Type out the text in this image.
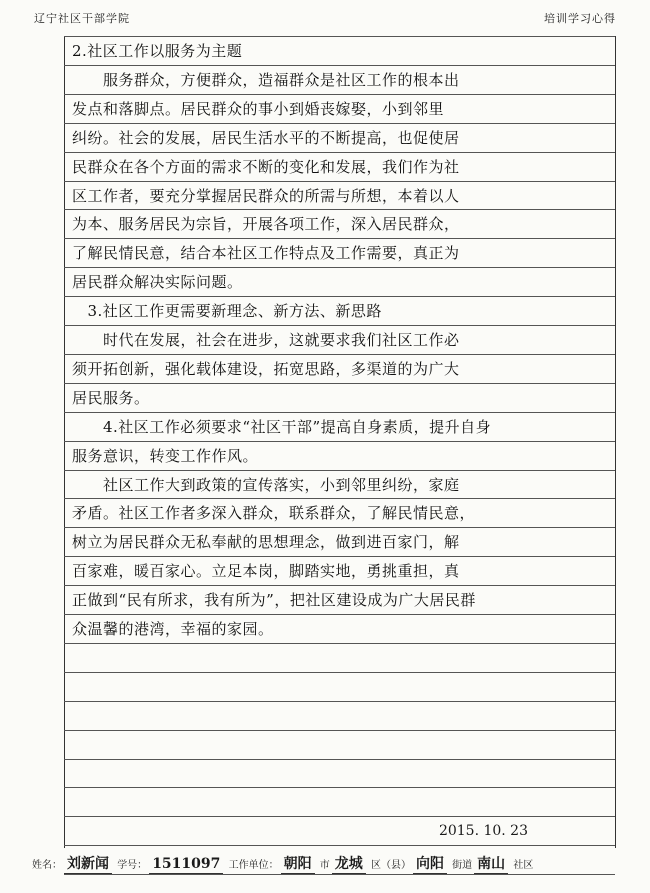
辽宁社区干部学院	培训学习心得
2.社区工作以服务为主题
　　服务群众，方便群众，造福群众是社区工作的根本出
发点和落脚点。居民群众的事小到婚丧嫁娶，小到邻里
纠纷。社会的发展，居民生活水平的不断提高，也促使居
民群众在各个方面的需求不断的变化和发展，我们作为社
区工作者，要充分掌握居民群众的所需与所想，本着以人
为本、服务居民为宗旨，开展各项工作，深入居民群众，
了解民情民意，结合本社区工作特点及工作需要，真正为
居民群众解决实际问题。
　3.社区工作更需要新理念、新方法、新思路
　　时代在发展，社会在进步，这就要求我们社区工作必
须开拓创新，强化载体建设，拓宽思路，多渠道的为广大
居民服务。
　　4.社区工作必须要求“社区干部”提高自身素质，提升自身
服务意识，转变工作作风。
　　社区工作大到政策的宣传落实，小到邻里纠纷，家庭
矛盾。社区工作者多深入群众，联系群众，了解民情民意，
树立为居民群众无私奉献的思想理念，做到进百家门，解
百家难，暖百家心。立足本岗，脚踏实地，勇挑重担，真
正做到“民有所求，我有所为”，把社区建设成为广大居民群
众温馨的港湾，幸福的家园。
2015. 10. 23
姓名： 刘新闻 学号： 1511097 工作单位： 朝阳 市 龙城 区（县） 向阳 街道 南山 社区
